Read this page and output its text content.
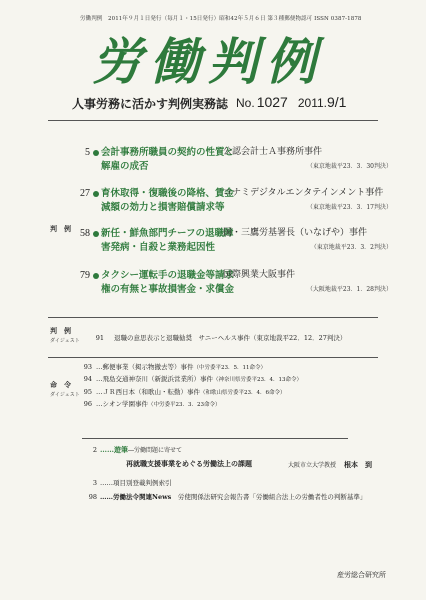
労働判例　2011年９月１日発行（毎月１・15日発行）昭和42年５月６日 第３種郵便物認可 ISSN 0387-1878
労働判例
人事労務に活かす判例実務誌 No. 1027 2011.9/1
判　例
判　例
ダイジェスト
命　令
ダイジェスト
5 会計事務所職員の契約の性質と
解雇の成否
公認会計士Ａ事務所事件
（東京地裁平23．3．30判決）
27 育休取得・復職後の降格、賃金
減額の効力と損害賠償請求等
コナミデジタルエンタテインメント事件
（東京地裁平23．3．17判決）
58 新任・鮮魚部門チーフの退職障
害発病・自殺と業務起因性
国・三鷹労基署長（いなげや）事件
（東京地裁平23．3．2判決）
79 タクシー運転手の退職金等請求
権の有無と事故損害金・求償金
国際興業大阪事件
（大阪地裁平23．1．28判決）
91 退職の意思表示と退職勧奨　サニーヘルス事件（東京地裁平22．12．27判決）
93 …郵便事業（掲示物撤去等）事件（中労委平23．5．11命令）
94 …飛島交通神奈川（新鋭浜営業所）事件（神奈川県労委平23．4．13命令）
95 …ＪＲ西日本（和歌山・転勤）事件（和歌山県労委平23．4．6命令）
96 …シオン学園事件（中労委平23．3．23命令）
2 ……遊筆―労働問題に寄せて
再就職支援事業をめぐる労働法上の課題	大阪市立大学教授 根本　到
3 ……項目別登載判例索引
98 ……労働法令関連News　労使関係法研究会報告書「労働組合法上の労働者性の判断基準」
産労総合研究所
